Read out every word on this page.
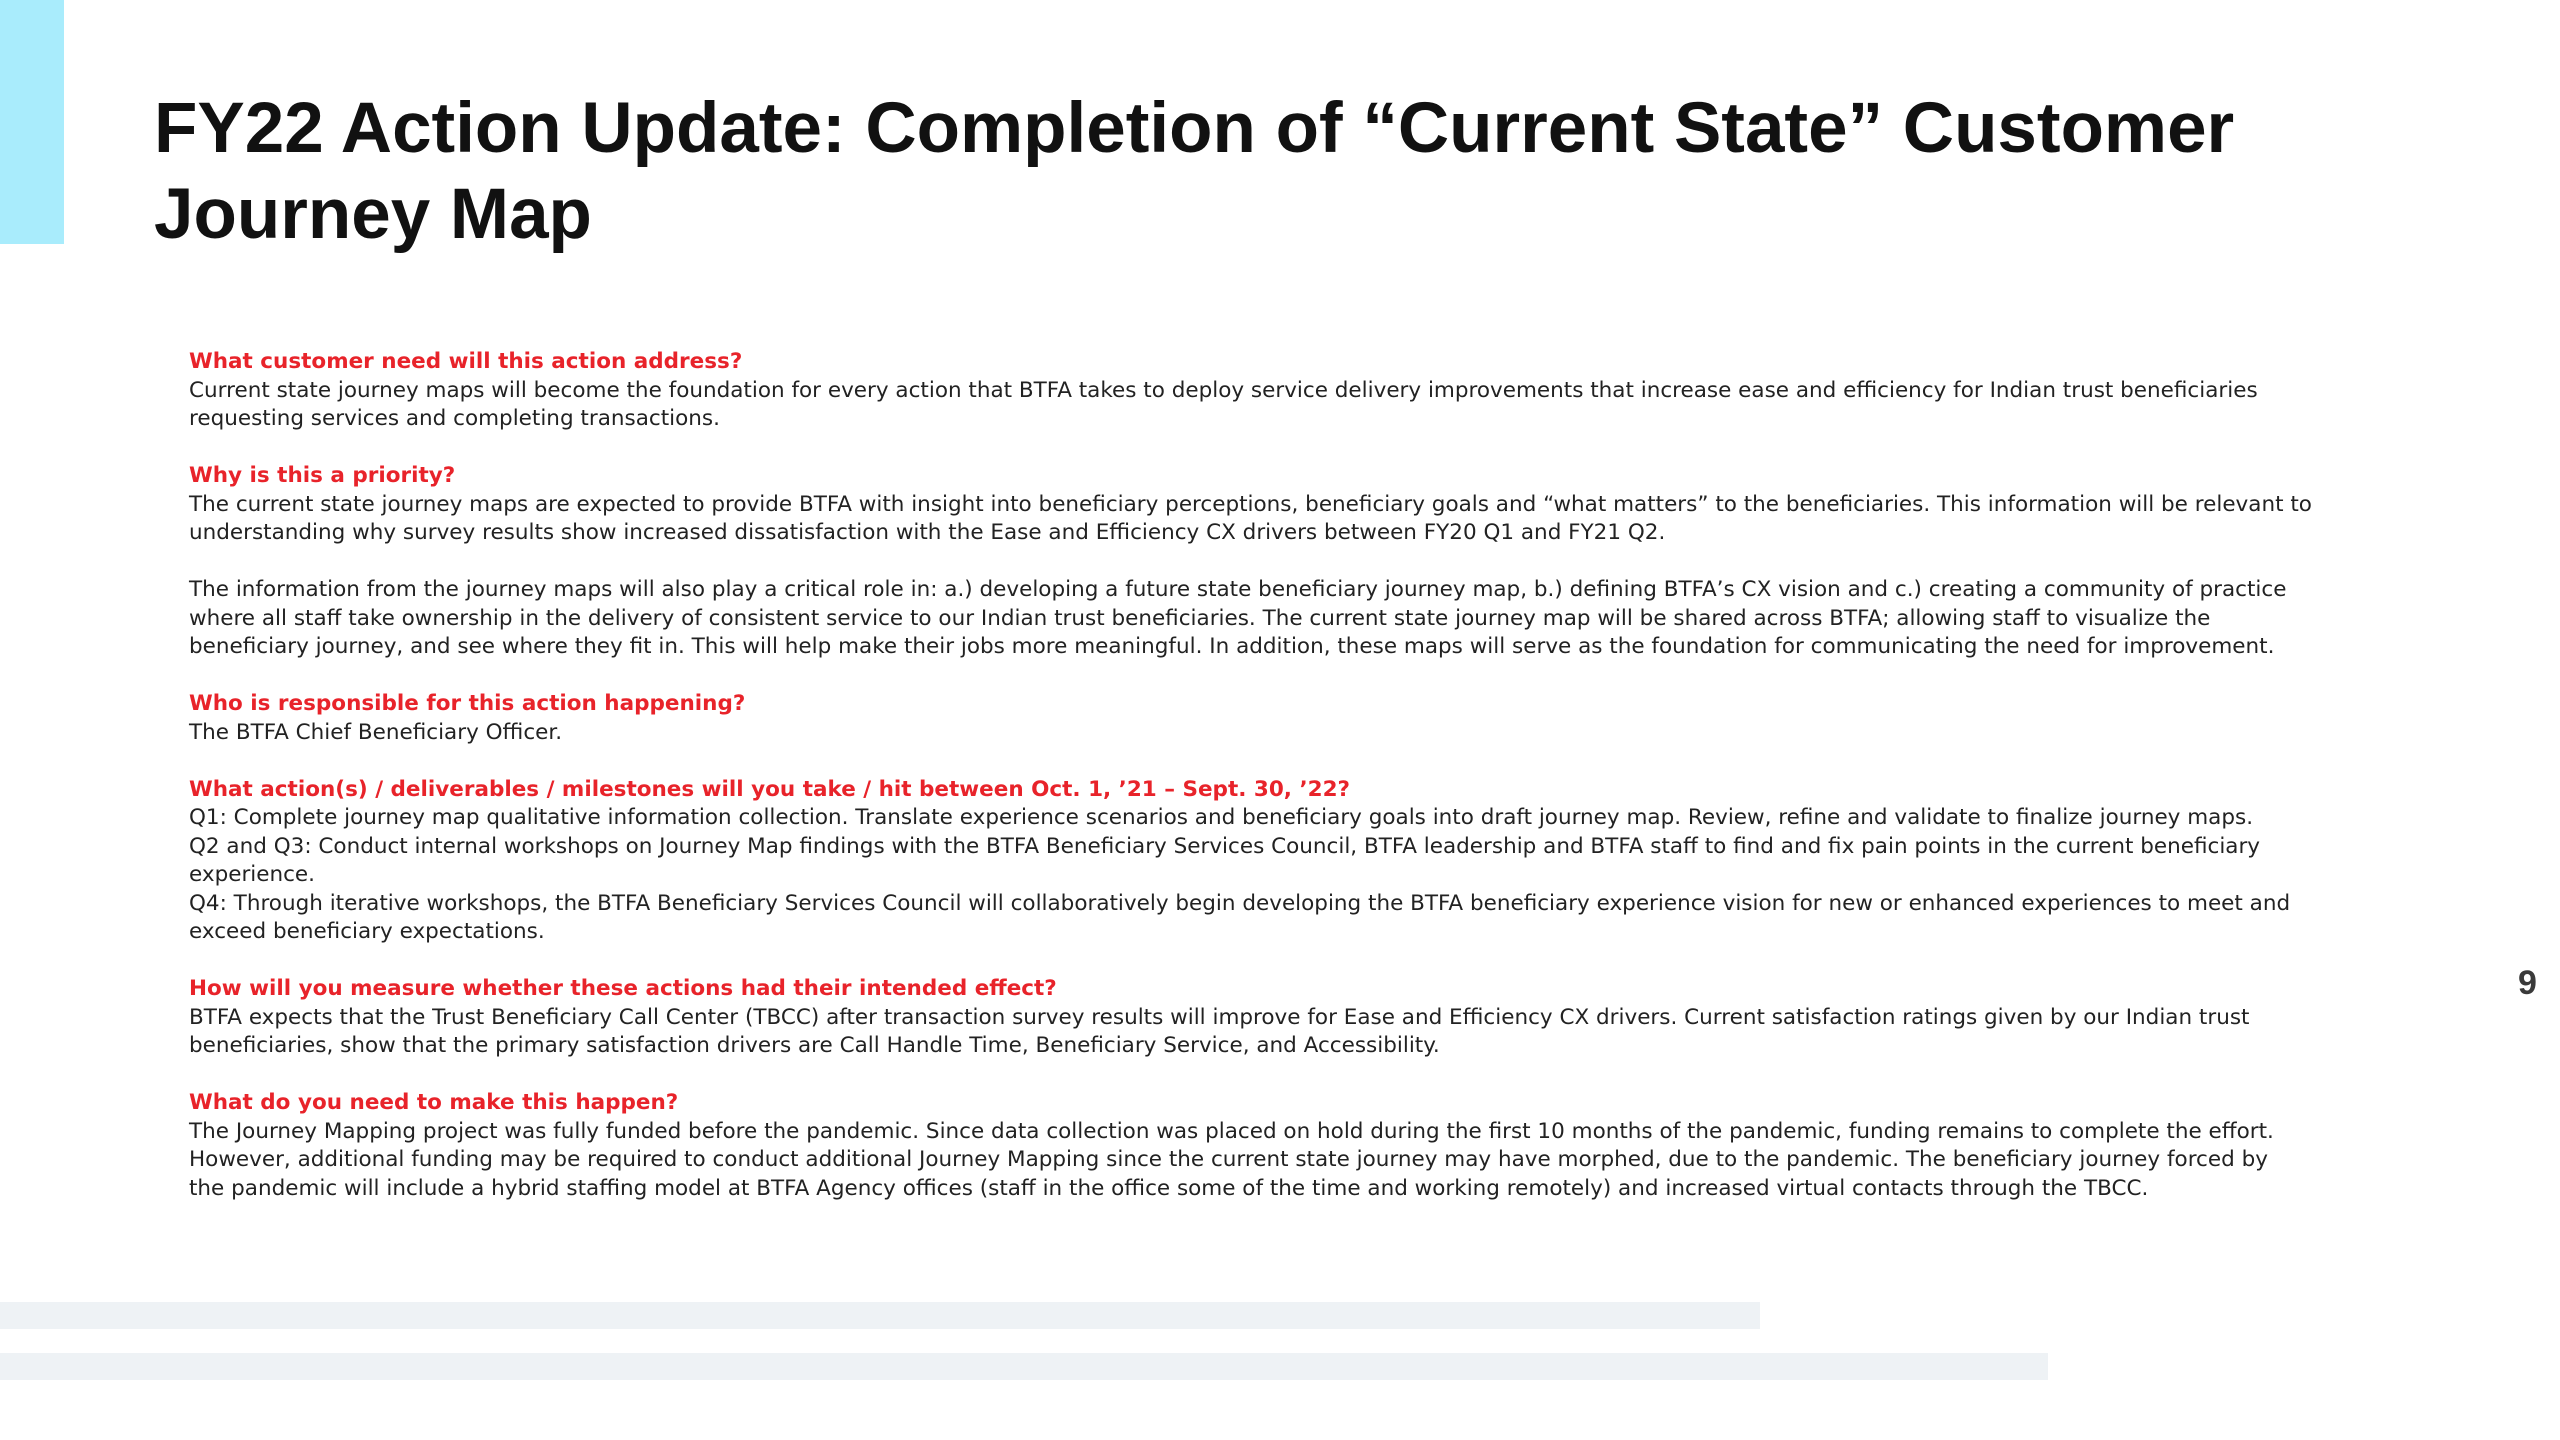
FY22 Action Update: Completion of “Current State” Customer Journey Map
What customer need will this action address?
Current state journey maps will become the foundation for every action that BTFA takes to deploy service delivery improvements that increase ease and efficiency for Indian trust beneficiaries
requesting services and completing transactions.
Why is this a priority?
The current state journey maps are expected to provide BTFA with insight into beneficiary perceptions, beneficiary goals and “what matters” to the beneficiaries. This information will be relevant to
understanding why survey results show increased dissatisfaction with the Ease and Efficiency CX drivers between FY20 Q1 and FY21 Q2.
The information from the journey maps will also play a critical role in: a.) developing a future state beneficiary journey map, b.) defining BTFA’s CX vision and c.) creating a community of practice
where all staff take ownership in the delivery of consistent service to our Indian trust beneficiaries. The current state journey map will be shared across BTFA; allowing staff to visualize the
beneficiary journey, and see where they fit in. This will help make their jobs more meaningful. In addition, these maps will serve as the foundation for communicating the need for improvement.
Who is responsible for this action happening?
The BTFA Chief Beneficiary Officer.
What action(s) / deliverables / milestones will you take / hit between Oct. 1, ’21 – Sept. 30, ’22?
Q1: Complete journey map qualitative information collection. Translate experience scenarios and beneficiary goals into draft journey map. Review, refine and validate to finalize journey maps.
Q2 and Q3: Conduct internal workshops on Journey Map findings with the BTFA Beneficiary Services Council, BTFA leadership and BTFA staff to find and fix pain points in the current beneficiary
experience.
Q4: Through iterative workshops, the BTFA Beneficiary Services Council will collaboratively begin developing the BTFA beneficiary experience vision for new or enhanced experiences to meet and
exceed beneficiary expectations.
How will you measure whether these actions had their intended effect?
BTFA expects that the Trust Beneficiary Call Center (TBCC) after transaction survey results will improve for Ease and Efficiency CX drivers. Current satisfaction ratings given by our Indian trust
beneficiaries, show that the primary satisfaction drivers are Call Handle Time, Beneficiary Service, and Accessibility.
What do you need to make this happen?
The Journey Mapping project was fully funded before the pandemic. Since data collection was placed on hold during the first 10 months of the pandemic, funding remains to complete the effort.
However, additional funding may be required to conduct additional Journey Mapping since the current state journey may have morphed, due to the pandemic. The beneficiary journey forced by
the pandemic will include a hybrid staffing model at BTFA Agency offices (staff in the office some of the time and working remotely) and increased virtual contacts through the TBCC.
9
